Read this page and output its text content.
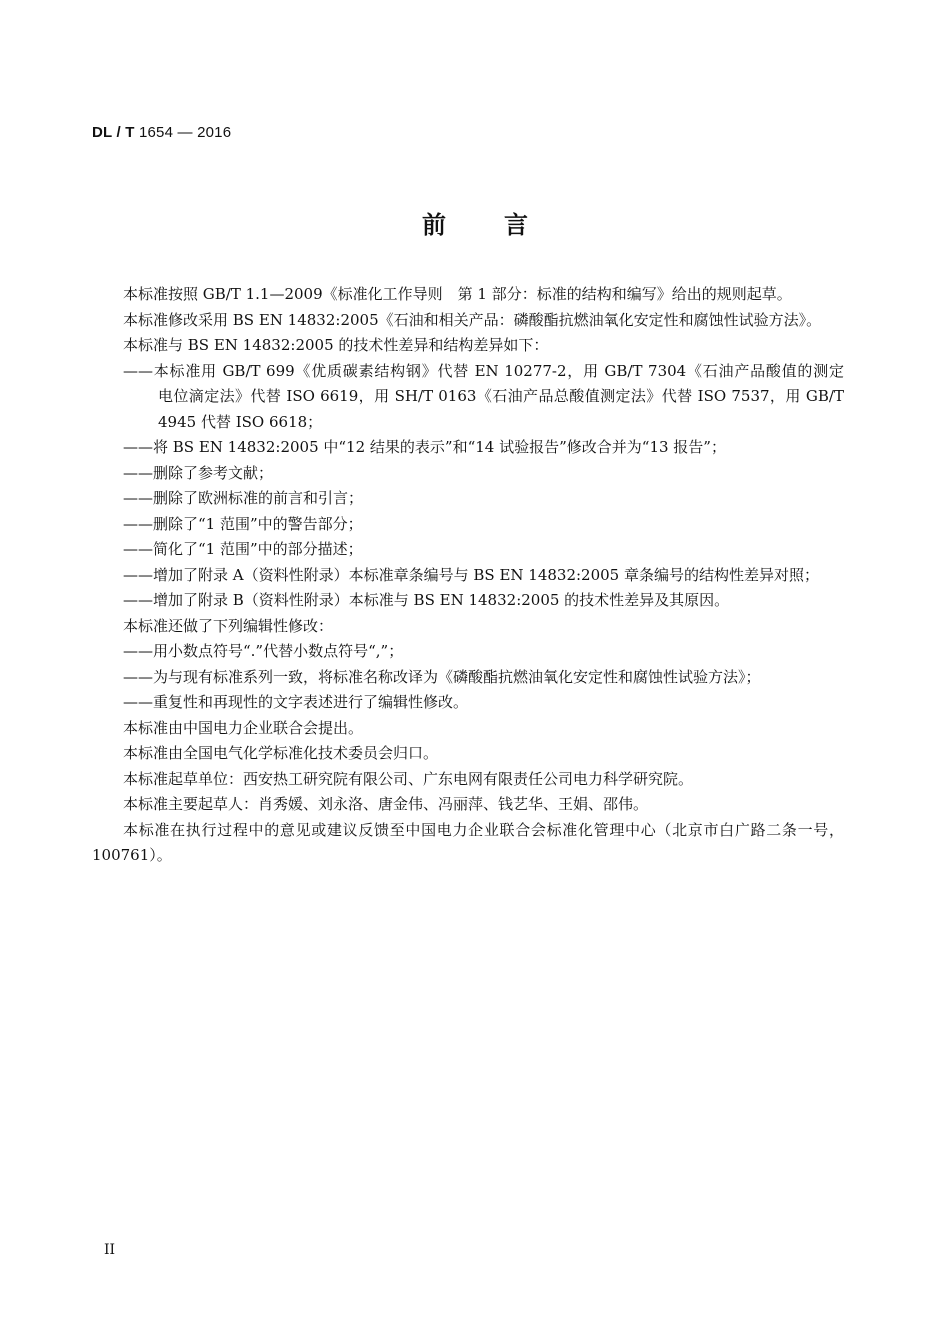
DL / T 1654 — 2016
前言

本标准按照 GB/T 1.1—2009《标准化工作导则　第 1 部分：标准的结构和编写》给出的规则起草。

本标准修改采用 BS EN 14832:2005《石油和相关产品：磷酸酯抗燃油氧化安定性和腐蚀性试验方法》。

本标准与 BS EN 14832:2005 的技术性差异和结构差异如下：

——本标准用 GB/T 699《优质碳素结构钢》代替 EN 10277-2，用 GB/T 7304《石油产品酸值的测定　电位滴定法》代替 ISO 6619，用 SH/T 0163《石油产品总酸值测定法》代替 ISO 7537，用 GB/T 4945 代替 ISO 6618；

——将 BS EN 14832:2005 中“12 结果的表示”和“14 试验报告”修改合并为“13 报告”；

——删除了参考文献；

——删除了欧洲标准的前言和引言；

——删除了“1 范围”中的警告部分；

——简化了“1 范围”中的部分描述；

——增加了附录 A（资料性附录）本标准章条编号与 BS EN 14832:2005 章条编号的结构性差异对照；

——增加了附录 B（资料性附录）本标准与 BS EN 14832:2005 的技术性差异及其原因。

本标准还做了下列编辑性修改：

——用小数点符号“.”代替小数点符号“,”；

——为与现有标准系列一致，将标准名称改译为《磷酸酯抗燃油氧化安定性和腐蚀性试验方法》；

——重复性和再现性的文字表述进行了编辑性修改。

本标准由中国电力企业联合会提出。

本标准由全国电气化学标准化技术委员会归口。

本标准起草单位：西安热工研究院有限公司、广东电网有限责任公司电力科学研究院。

本标准主要起草人：肖秀媛、刘永洛、唐金伟、冯丽萍、钱艺华、王娟、邵伟。

本标准在执行过程中的意见或建议反馈至中国电力企业联合会标准化管理中心（北京市白广路二条一号，100761）。

II
